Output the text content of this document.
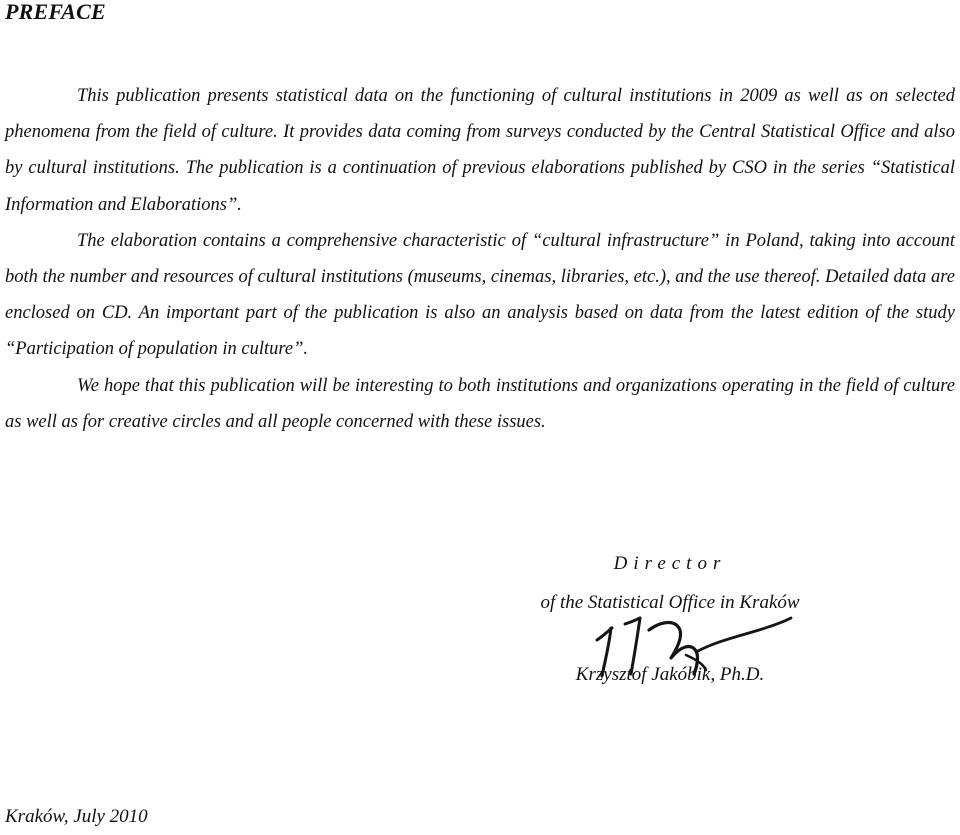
PREFACE

This publication presents statistical data on the functioning of cultural institutions in 2009 as well as on selected phenomena from the field of culture. It provides data coming from surveys conducted by the Central Statistical Office and also by cultural institutions. The publication is a continuation of previous elaborations published by CSO in the series “Statistical Information and Elaborations”.

The elaboration contains a comprehensive characteristic of “cultural infrastructure” in Poland, taking into account both the number and resources of cultural institutions (museums, cinemas, libraries, etc.), and the use thereof. Detailed data are enclosed on CD. An important part of the publication is also an analysis based on data from the latest edition of the study “Participation of population in culture”.

We hope that this publication will be interesting to both institutions and organizations operating in the field of culture as well as for creative circles and all people concerned with these issues.

Director
of the Statistical Office in Kraków
Krzysztof Jakóbik, Ph.D.
Kraków, July 2010
